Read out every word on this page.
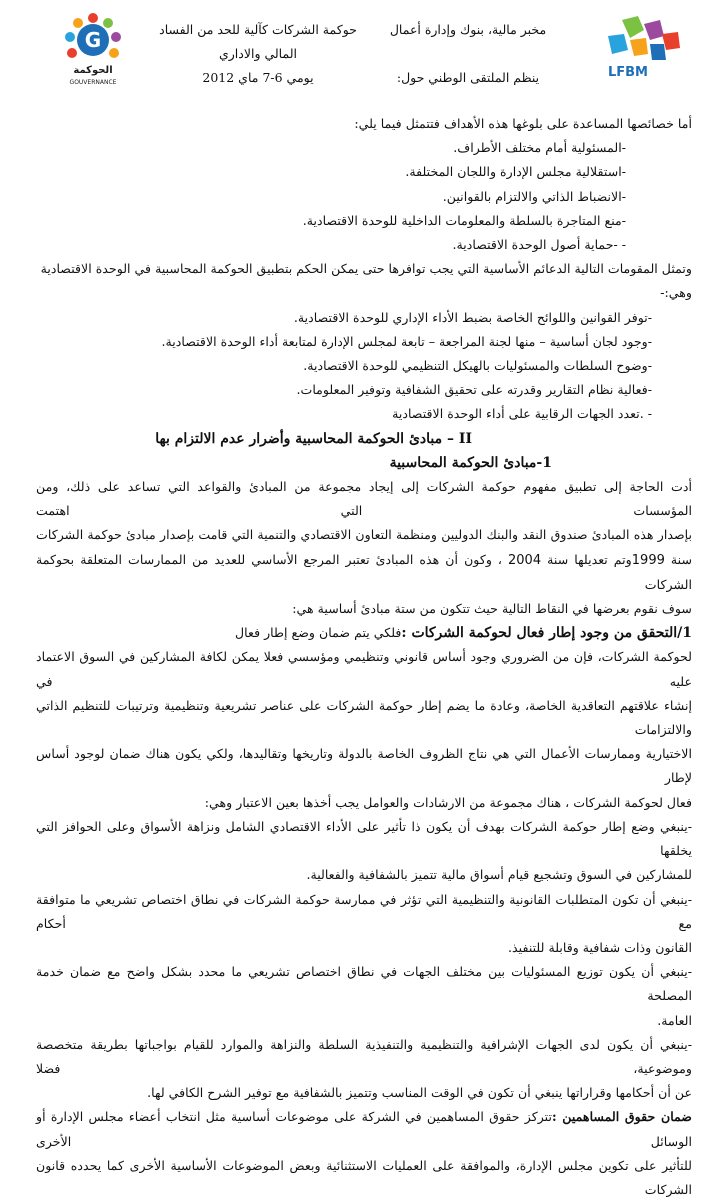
G
الحوكمة
GOUVERNANCE
مخبر مالية، بنوك وإدارة أعمال
حوكمة الشركات كآلية للحد من الفساد المالي والاداري
ينظم الملتقى الوطني حول:
يومي 6-7 ماي 2012	LFBM

أما خصائصها المساعدة على بلوغها هذه الأهداف فتتمثل فيما يلي:

-المسئولية أمام مختلف الأطراف.

-استقلالية مجلس الإدارة واللجان المختلفة.

-الانضباط الذاتي والالتزام بالقوانين.

-منع المتاجرة بالسلطة والمعلومات الداخلية للوحدة الاقتصادية.

- -حماية أصول الوحدة الاقتصادية.

وتمثل المقومات التالية الدعائم الأساسية التي يجب توافرها حتى يمكن الحكم بتطبيق الحوكمة المحاسبية في الوحدة الاقتصادية وهي:-

-توفر القوانين واللوائح الخاصة بضبط الأداء الإداري للوحدة الاقتصادية.

-وجود لجان أساسية – منها لجنة المراجعة – تابعة لمجلس الإدارة لمتابعة أداء الوحدة الاقتصادية.

-وضوح السلطات والمسئوليات بالهيكل التنظيمي للوحدة الاقتصادية.

-فعالية نظام التقارير وقدرته على تحقيق الشفافية وتوفير المعلومات.

- .تعدد الجهات الرقابية على أداء الوحدة الاقتصادية

II – مبادئ الحوكمة المحاسبية وأضرار عدم الالتزام بها

1-مبادئ الحوكمة المحاسبية

أدت الحاجة إلى تطبيق مفهوم حوكمة الشركات إلى إيجاد مجموعة من المبادئ والقواعد التي تساعد على ذلك، ومن المؤسسات التي اهتمت

بإصدار هذه المبادئ صندوق النقد والبنك الدوليين ومنظمة التعاون الاقتصادي والتنمية التي قامت بإصدار مبادئ حوكمة الشركات

سنة 1999وتم تعديلها سنة 2004 ، وكون أن هذه المبادئ تعتبر المرجع الأساسي للعديد من الممارسات المتعلقة بحوكمة الشركات

سوف نقوم بعرضها في النقاط التالية حيث تتكون من ستة مبادئ أساسية هي:

1/التحقق من وجود إطار فعال لحوكمة الشركات :فلكي يتم ضمان وضع إطار فعال

لحوكمة الشركات، فإن من الضروري وجود أساس قانوني وتنظيمي ومؤسسي فعلا يمكن لكافة المشاركين في السوق الاعتماد عليه في

إنشاء علاقتهم التعاقدية الخاصة، وعادة ما يضم إطار حوكمة الشركات على عناصر تشريعية وتنظيمية وترتيبات للتنظيم الذاتي والالتزامات

الاختيارية وممارسات الأعمال التي هي نتاج الظروف الخاصة بالدولة وتاريخها وتقاليدها، ولكي يكون هناك ضمان لوجود أساس لإطار

فعال لحوكمة الشركات ، هناك مجموعة من الارشادات والعوامل يجب أخذها بعين الاعتبار وهي:

-ينبغي وضع إطار حوكمة الشركات بهدف أن يكون ذا تأثير على الأداء الاقتصادي الشامل ونزاهة الأسواق وعلى الحوافز التي يخلقها

للمشاركين في السوق وتشجيع قيام أسواق مالية تتميز بالشفافية والفعالية.

-ينبغي أن تكون المتطلبات القانونية والتنظيمية التي تؤثر في ممارسة حوكمة الشركات في نطاق اختصاص تشريعي ما متوافقة مع أحكام

القانون وذات شفافية وقابلة للتنفيذ.

-ينبغي أن يكون توزيع المسئوليات بين مختلف الجهات في نطاق اختصاص تشريعي ما محدد بشكل واضح مع ضمان خدمة المصلحة

العامة.

-ينبغي أن يكون لدى الجهات الإشرافية والتنظيمية والتنفيذية السلطة والنزاهة والموارد للقيام بواجباتها بطريقة متخصصة وموضوعية، فضلا

عن أن أحكامها وقراراتها ينبغي أن تكون في الوقت المناسب وتتميز بالشفافية مع توفير الشرح الكافي لها.

ضمان حقوق المساهمين :تتركز حقوق المساهمين في الشركة على موضوعات أساسية مثل انتخاب أعضاء مجلس الإدارة أو الوسائل الأخرى

للتأثير على تكوين مجلس الإدارة، والموافقة على العمليات الاستثنائية وبعض الموضوعات الأساسية الأخرى كما يحدده قانون الشركات
